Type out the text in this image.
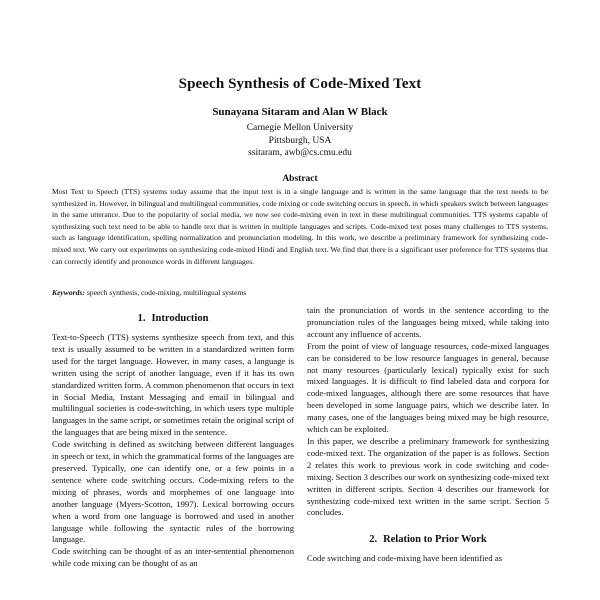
Speech Synthesis of Code-Mixed Text
Sunayana Sitaram and Alan W Black
Carnegie Mellon University
Pittsburgh, USA
ssitaram, awb@cs.cmu.edu
Abstract
Most Text to Speech (TTS) systems today assume that the input text is in a single language and is written in the same language that the text needs to be synthesized in. However, in bilingual and multilingual communities, code mixing or code switching occurs in speech, in which speakers switch between languages in the same utterance. Due to the popularity of social media, we now see code-mixing even in text in these multilingual communities. TTS systems capable of synthesizing such text need to be able to handle text that is written in multiple languages and scripts. Code-mixed text poses many challenges to TTS systems, such as language identification, spelling normalization and pronunciation modeling. In this work, we describe a preliminary framework for synthesizing code-mixed text. We carry out experiments on synthesizing code-mixed Hindi and English text. We find that there is a significant user preference for TTS systems that can correctly identify and pronounce words in different languages.
Keywords: speech synthesis, code-mixing, multilingual systems
1. Introduction

Text-to-Speech (TTS) systems synthesize speech from text, and this text is usually assumed to be written in a standardized written form used for the target language. However, in many cases, a language is written using the script of another language, even if it has its own standardized written form. A common phenomenon that occurs in text in Social Media, Instant Messaging and email in bilingual and multilingual societies is code-switching, in which users type multiple languages in the same script, or sometimes retain the original script of the languages that are being mixed in the sentence.

Code switching is defined as switching between different languages in speech or text, in which the grammatical forms of the languages are preserved. Typically, one can identify one, or a few points in a sentence where code switching occurs. Code-mixing refers to the mixing of phrases, words and morphemes of one language into another language (Myers-Scotton, 1997). Lexical borrowing occurs when a word from one language is borrowed and used in another language while following the syntactic rules of the borrowing language.

Code switching can be thought of as an inter-sentential phenomenon while code mixing can be thought of as an

tain the pronunciation of words in the sentence according to the pronunciation rules of the languages being mixed, while taking into account any influence of accents.

From the point of view of language resources, code-mixed languages can be considered to be low resource languages in general, because not many resources (particularly lexical) typically exist for such mixed languages. It is difficult to find labeled data and corpora for code-mixed languages, although there are some resources that have been developed in some language pairs, which we describe later. In many cases, one of the languages being mixed may be high resource, which can be exploited.

In this paper, we describe a preliminary framework for synthesizing code-mixed text. The organization of the paper is as follows. Section 2 relates this work to previous work in code switching and code-mixing. Section 3 describes our work on synthesizing code-mixed text written in different scripts. Section 4 describes our framework for synthesizing code-mixed text written in the same script. Section 5 concludes.

2. Relation to Prior Work

Code switching and code-mixing have been identified as
